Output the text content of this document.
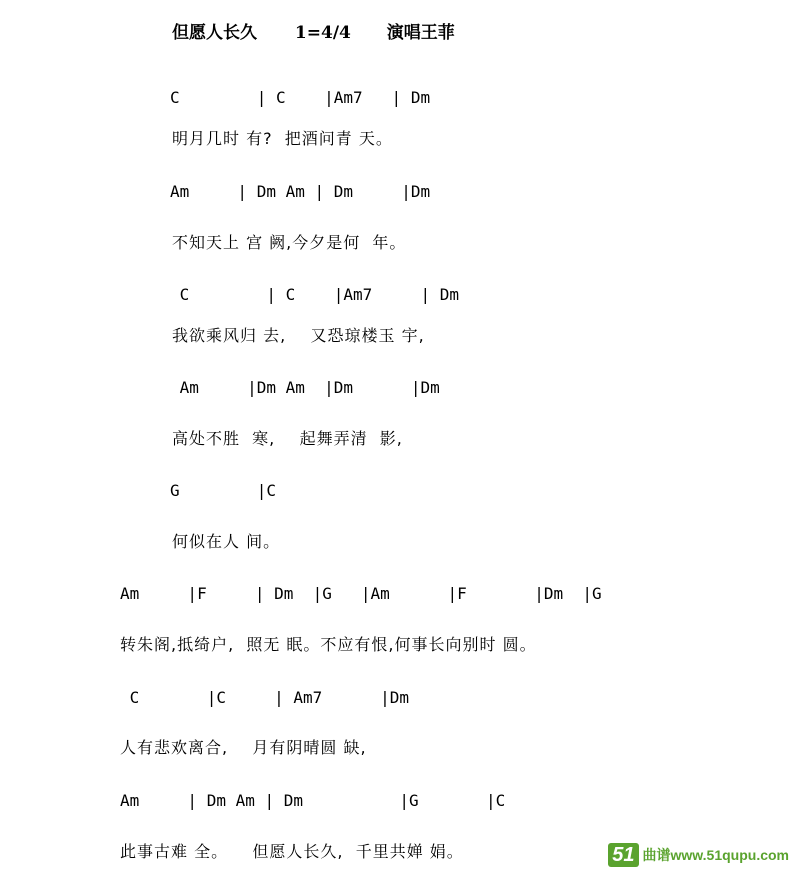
但愿人长久 1=4/4 演唱王菲
C        | C    |Am7   | Dm
明月几时 有?  把酒问青 天。
Am     | Dm Am | Dm     |Dm
不知天上 宫 阙,今夕是何  年。
C        | C    |Am7     | Dm
我欲乘风归 去,    又恐琼楼玉 宇,
Am     |Dm Am  |Dm      |Dm
高处不胜  寒,    起舞弄清  影,
G        |C
何似在人 间。
Am     |F     | Dm  |G   |Am      |F       |Dm  |G
转朱阁,抵绮户,  照无 眠。不应有恨,何事长向别时 圆。
C       |C     | Am7      |Dm
人有悲欢离合,    月有阴晴圆 缺,
Am     | Dm Am | Dm          |G       |C
此事古难 全。    但愿人长久,  千里共婵 娟。	51 曲谱www.51qupu.com
